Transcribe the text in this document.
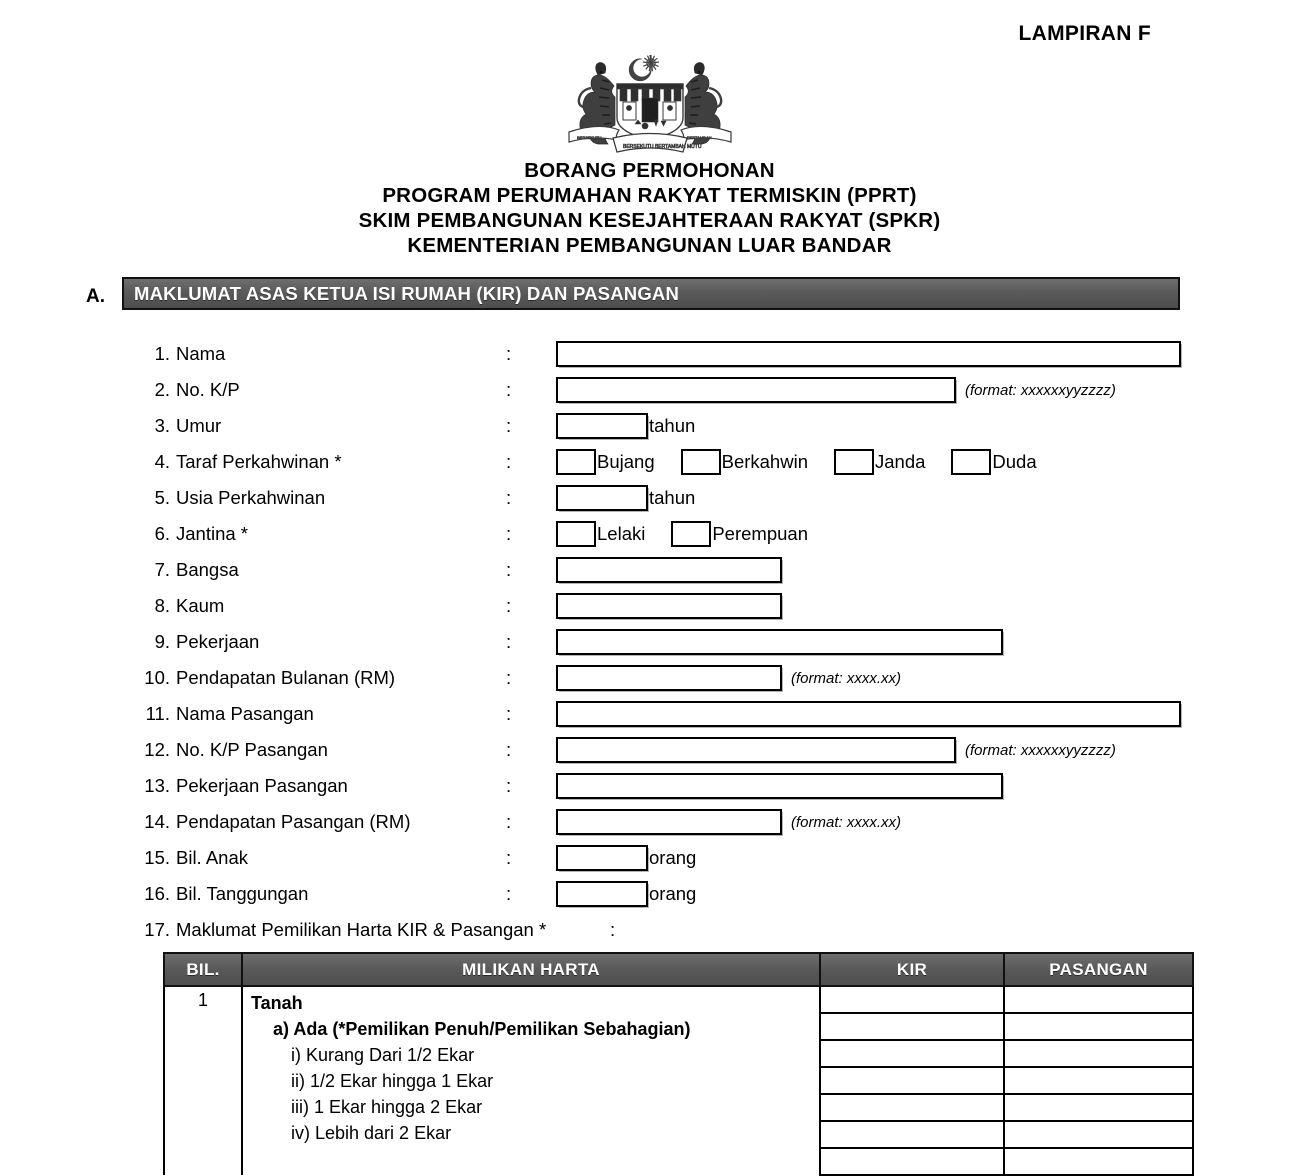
LAMPIRAN F
BERSEKUTU BERTAMBAH MUTU
BERSEKUTU	BERTAMBAH
BORANG PERMOHONAN
PROGRAM PERUMAHAN RAKYAT TERMISKIN (PPRT)
SKIM PEMBANGUNAN KESEJAHTERAAN RAKYAT (SPKR)
KEMENTERIAN PEMBANGUNAN LUAR BANDAR
A. MAKLUMAT ASAS KETUA ISI RUMAH (KIR) DAN PASANGAN
1. Nama	:
2. No. K/P	:	(format: xxxxxxyyzzzz)
3. Umur	:	tahun
4. Taraf Perkahwinan *	:	Bujang	Berkahwin	Janda	Duda
5. Usia Perkahwinan	:	tahun
6. Jantina *	:	Lelaki	Perempuan
7. Bangsa	:
8. Kaum	:
9. Pekerjaan	:
10. Pendapatan Bulanan (RM)	:	(format: xxxx.xx)
11. Nama Pasangan	:
12. No. K/P Pasangan	:	(format: xxxxxxyyzzzz)
13. Pekerjaan Pasangan	:
14. Pendapatan Pasangan (RM)	:	(format: xxxx.xx)
15. Bil. Anak	:	orang
16. Bil. Tanggungan	:	orang
17. Maklumat Pemilikan Harta KIR & Pasangan *	:
BIL.	MILIKAN HARTA	KIR	PASANGAN
1	Tanah
a) Ada (*Pemilikan Penuh/Pemilikan Sebahagian)
i) Kurang Dari 1/2 Ekar
ii) 1/2 Ekar hingga 1 Ekar
iii) 1 Ekar hingga 2 Ekar
iv) Lebih dari 2 Ekar
